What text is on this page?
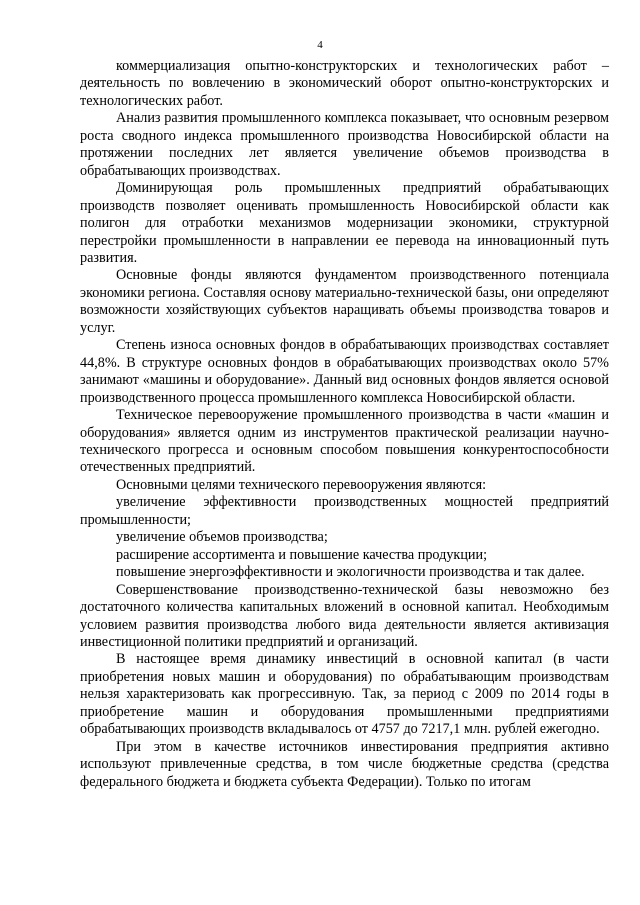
4

коммерциализация опытно-конструкторских и технологических работ – деятельность по вовлечению в экономический оборот опытно-конструкторских и технологических работ.

Анализ развития промышленного комплекса показывает, что основным резервом роста сводного индекса промышленного производства Новосибирской области на протяжении последних лет является увеличение объемов производства в обрабатывающих производствах.

Доминирующая роль промышленных предприятий обрабатывающих производств позволяет оценивать промышленность Новосибирской области как полигон для отработки механизмов модернизации экономики, структурной перестройки промышленности в направлении ее перевода на инновационный путь развития.

Основные фонды являются фундаментом производственного потенциала экономики региона. Составляя основу материально-технической базы, они определяют возможности хозяйствующих субъектов наращивать объемы производства товаров и услуг.

Степень износа основных фондов в обрабатывающих производствах составляет 44,8%. В структуре основных фондов в обрабатывающих производствах около 57% занимают «машины и оборудование». Данный вид основных фондов является основой производственного процесса промышленного комплекса Новосибирской области.

Техническое перевооружение промышленного производства в части «машин и оборудования» является одним из инструментов практической реализации научно-технического прогресса и основным способом повышения конкурентоспособности отечественных предприятий.

Основными целями технического перевооружения являются:

увеличение эффективности производственных мощностей предприятий промышленности;

увеличение объемов производства;

расширение ассортимента и повышение качества продукции;

повышение энергоэффективности и экологичности производства и так далее.

Совершенствование производственно-технической базы невозможно без достаточного количества капитальных вложений в основной капитал. Необходимым условием развития производства любого вида деятельности является активизация инвестиционной политики предприятий и организаций.

В настоящее время динамику инвестиций в основной капитал (в части приобретения новых машин и оборудования) по обрабатывающим производствам нельзя характеризовать как прогрессивную. Так, за период с 2009 по 2014 годы в приобретение машин и оборудования промышленными предприятиями обрабатывающих производств вкладывалось от 4757 до 7217,1 млн. рублей ежегодно.

При этом в качестве источников инвестирования предприятия активно используют привлеченные средства, в том числе бюджетные средства (средства федерального бюджета и бюджета субъекта Федерации). Только по итогам
